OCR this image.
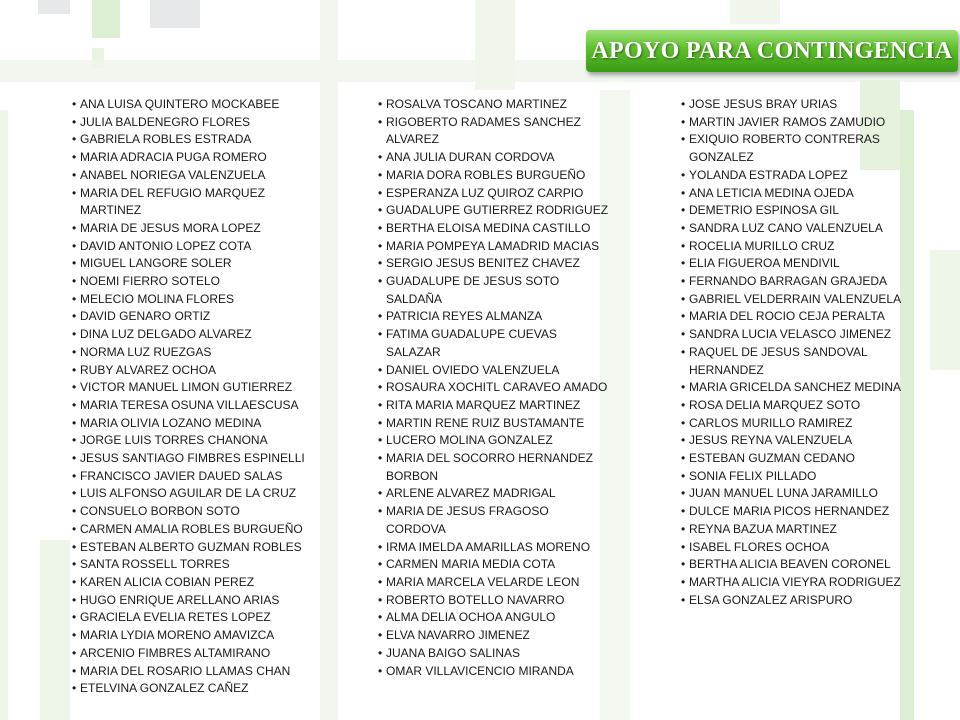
APOYO PARA CONTINGENCIA
• ANA LUISA QUINTERO MOCKABEE
• JULIA BALDENEGRO FLORES
• GABRIELA ROBLES ESTRADA
• MARIA ADRACIA PUGA ROMERO
• ANABEL NORIEGA VALENZUELA
• MARIA DEL REFUGIO MARQUEZ MARTINEZ
• MARIA DE JESUS MORA LOPEZ
• DAVID ANTONIO LOPEZ COTA
• MIGUEL LANGORE SOLER
• NOEMI FIERRO SOTELO
• MELECIO MOLINA FLORES
• DAVID GENARO ORTIZ
• DINA LUZ DELGADO ALVAREZ
• NORMA LUZ RUEZGAS
• RUBY ALVAREZ OCHOA
• VICTOR MANUEL LIMON GUTIERREZ
• MARIA TERESA OSUNA VILLAESCUSA
• MARIA OLIVIA LOZANO MEDINA
• JORGE LUIS TORRES CHANONA
• JESUS SANTIAGO FIMBRES ESPINELLI
• FRANCISCO JAVIER DAUED SALAS
• LUIS ALFONSO AGUILAR DE LA CRUZ
• CONSUELO BORBON SOTO
• CARMEN AMALIA ROBLES BURGUEÑO
• ESTEBAN ALBERTO GUZMAN ROBLES
• SANTA ROSSELL TORRES
• KAREN ALICIA COBIAN PEREZ
• HUGO ENRIQUE ARELLANO ARIAS
• GRACIELA EVELIA RETES LOPEZ
• MARIA LYDIA MORENO AMAVIZCA
• ARCENIO FIMBRES ALTAMIRANO
• MARIA DEL ROSARIO LLAMAS CHAN
• ETELVINA GONZALEZ CAÑEZ
• ROSALVA TOSCANO MARTINEZ
• RIGOBERTO RADAMES SANCHEZ ALVAREZ
• ANA JULIA DURAN CORDOVA
• MARIA DORA ROBLES BURGUEÑO
• ESPERANZA LUZ QUIROZ CARPIO
• GUADALUPE GUTIERREZ RODRIGUEZ
• BERTHA ELOISA MEDINA CASTILLO
• MARIA POMPEYA LAMADRID MACIAS
• SERGIO JESUS BENITEZ CHAVEZ
• GUADALUPE DE JESUS SOTO SALDAÑA
• PATRICIA REYES ALMANZA
• FATIMA GUADALUPE CUEVAS SALAZAR
• DANIEL OVIEDO VALENZUELA
• ROSAURA XOCHITL CARAVEO AMADO
• RITA MARIA MARQUEZ MARTINEZ
• MARTIN RENE RUIZ BUSTAMANTE
• LUCERO MOLINA GONZALEZ
• MARIA DEL SOCORRO HERNANDEZ BORBON
• ARLENE ALVAREZ MADRIGAL
• MARIA DE JESUS FRAGOSO CORDOVA
• IRMA IMELDA AMARILLAS MORENO
• CARMEN MARIA MEDIA COTA
• MARIA MARCELA VELARDE LEON
• ROBERTO BOTELLO NAVARRO
• ALMA DELIA OCHOA ANGULO
• ELVA NAVARRO JIMENEZ
• JUANA BAIGO SALINAS
• OMAR VILLAVICENCIO MIRANDA
• JOSE JESUS BRAY URIAS
• MARTIN JAVIER RAMOS ZAMUDIO
• EXIQUIO ROBERTO CONTRERAS GONZALEZ
• YOLANDA ESTRADA LOPEZ
• ANA LETICIA MEDINA OJEDA
• DEMETRIO ESPINOSA GIL
• SANDRA LUZ CANO VALENZUELA
• ROCELIA MURILLO CRUZ
• ELIA FIGUEROA MENDIVIL
• FERNANDO BARRAGAN GRAJEDA
• GABRIEL VELDERRAIN VALENZUELA
• MARIA DEL ROCIO CEJA PERALTA
• SANDRA LUCIA VELASCO JIMENEZ
• RAQUEL DE JESUS SANDOVAL HERNANDEZ
• MARIA GRICELDA SANCHEZ MEDINA
• ROSA DELIA MARQUEZ SOTO
• CARLOS MURILLO RAMIREZ
• JESUS REYNA VALENZUELA
• ESTEBAN GUZMAN CEDANO
• SONIA FELIX PILLADO
• JUAN MANUEL LUNA JARAMILLO
• DULCE MARIA PICOS HERNANDEZ
• REYNA BAZUA MARTINEZ
• ISABEL FLORES OCHOA
• BERTHA ALICIA BEAVEN CORONEL
• MARTHA ALICIA VIEYRA RODRIGUEZ
• ELSA GONZALEZ ARISPURO
